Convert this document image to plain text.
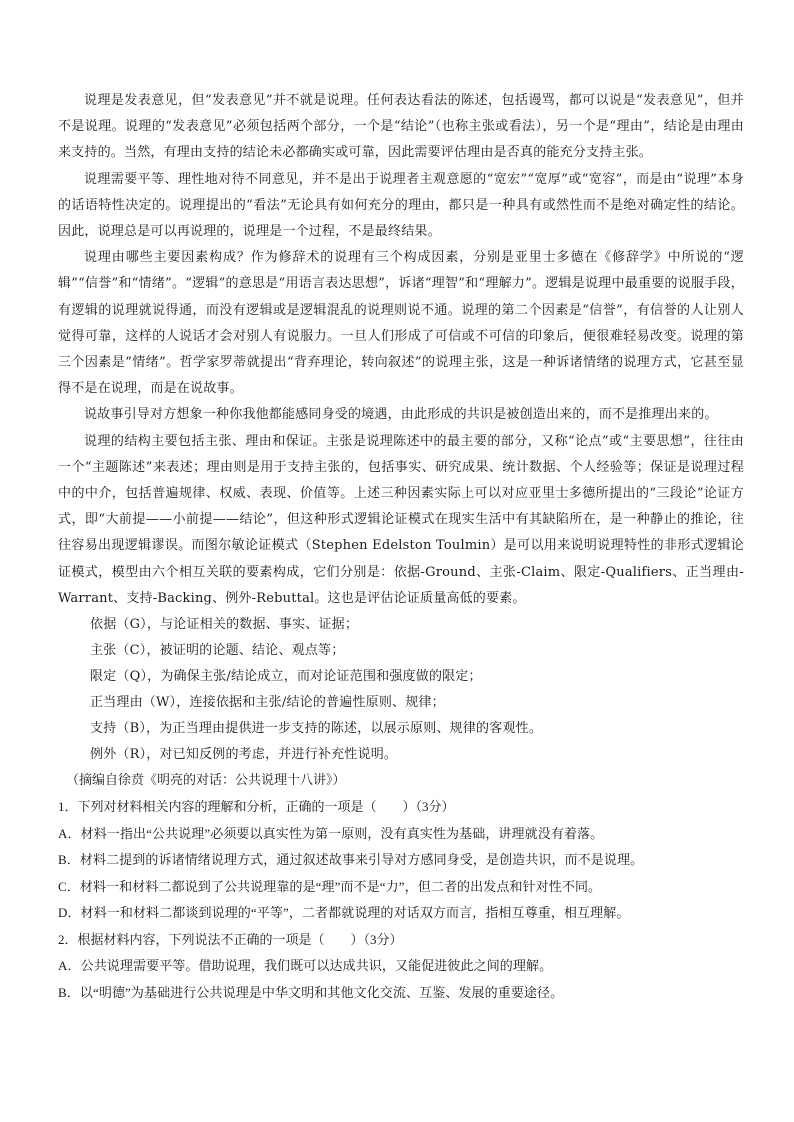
说理是发表意见，但“发表意见”并不就是说理。任何表达看法的陈述，包括谩骂，都可以说是“发表意见”，但并不是说理。说理的“发表意见”必须包括两个部分，一个是“结论”（也称主张或看法），另一个是“理由”，结论是由理由来支持的。当然，有理由支持的结论未必都确实或可靠，因此需要评估理由是否真的能充分支持主张。

说理需要平等、理性地对待不同意见，并不是出于说理者主观意愿的“宽宏”“宽厚”或“宽容”，而是由“说理”本身的话语特性决定的。说理提出的“看法”无论具有如何充分的理由，都只是一种具有或然性而不是绝对确定性的结论。因此，说理总是可以再说理的，说理是一个过程，不是最终结果。

说理由哪些主要因素构成？作为修辞术的说理有三个构成因素，分别是亚里士多德在《修辞学》中所说的“逻辑”“信誉”和“情绪”。“逻辑”的意思是“用语言表达思想”，诉诸“理智”和“理解力”。逻辑是说理中最重要的说服手段，有逻辑的说理就说得通，而没有逻辑或是逻辑混乱的说理则说不通。说理的第二个因素是“信誉”，有信誉的人让别人觉得可靠，这样的人说话才会对别人有说服力。一旦人们形成了可信或不可信的印象后，便很难轻易改变。说理的第三个因素是“情绪”。哲学家罗蒂就提出“背弃理论，转向叙述”的说理主张，这是一种诉诸情绪的说理方式，它甚至显得不是在说理，而是在说故事。

说故事引导对方想象一种你我他都能感同身受的境遇，由此形成的共识是被创造出来的，而不是推理出来的。

说理的结构主要包括主张、理由和保证。主张是说理陈述中的最主要的部分，又称“论点”或“主要思想”，往往由一个“主题陈述”来表述；理由则是用于支持主张的，包括事实、研究成果、统计数据、个人经验等；保证是说理过程中的中介，包括普遍规律、权威、表现、价值等。上述三种因素实际上可以对应亚里士多德所提出的“三段论”论证方式，即“大前提——小前提——结论”，但这种形式逻辑论证模式在现实生活中有其缺陷所在，是一种静止的推论，往往容易出现逻辑谬误。而图尔敏论证模式（Stephen Edelston Toulmin）是可以用来说明说理特性的非形式逻辑论证模式，模型由六个相互关联的要素构成，它们分别是：依据-Ground、主张-Claim、限定-Qualifiers、正当理由-Warrant、支持-Backing、例外-Rebuttal。这也是评估论证质量高低的要素。

依据（G），与论证相关的数据、事实、证据；

主张（C），被证明的论题、结论、观点等；

限定（Q），为确保主张/结论成立，而对论证范围和强度做的限定；

正当理由（W），连接依据和主张/结论的普遍性原则、规律；

支持（B），为正当理由提供进一步支持的陈述，以展示原则、规律的客观性。

例外（R），对已知反例的考虑，并进行补充性说明。

（摘编自徐贲《明亮的对话：公共说理十八讲》）

1．下列对材料相关内容的理解和分析，正确的一项是（　　）（3分）

A．材料一指出“公共说理”必须要以真实性为第一原则，没有真实性为基础，讲理就没有着落。

B．材料二提到的诉诸情绪说理方式，通过叙述故事来引导对方感同身受，是创造共识，而不是说理。

C．材料一和材料二都说到了公共说理靠的是“理”而不是“力”，但二者的出发点和针对性不同。

D．材料一和材料二都谈到说理的“平等”，二者都就说理的对话双方而言，指相互尊重，相互理解。

2．根据材料内容，下列说法不正确的一项是（　　）（3分）

A．公共说理需要平等。借助说理，我们既可以达成共识，又能促进彼此之间的理解。

B．以“明德”为基础进行公共说理是中华文明和其他文化交流、互鉴、发展的重要途径。
